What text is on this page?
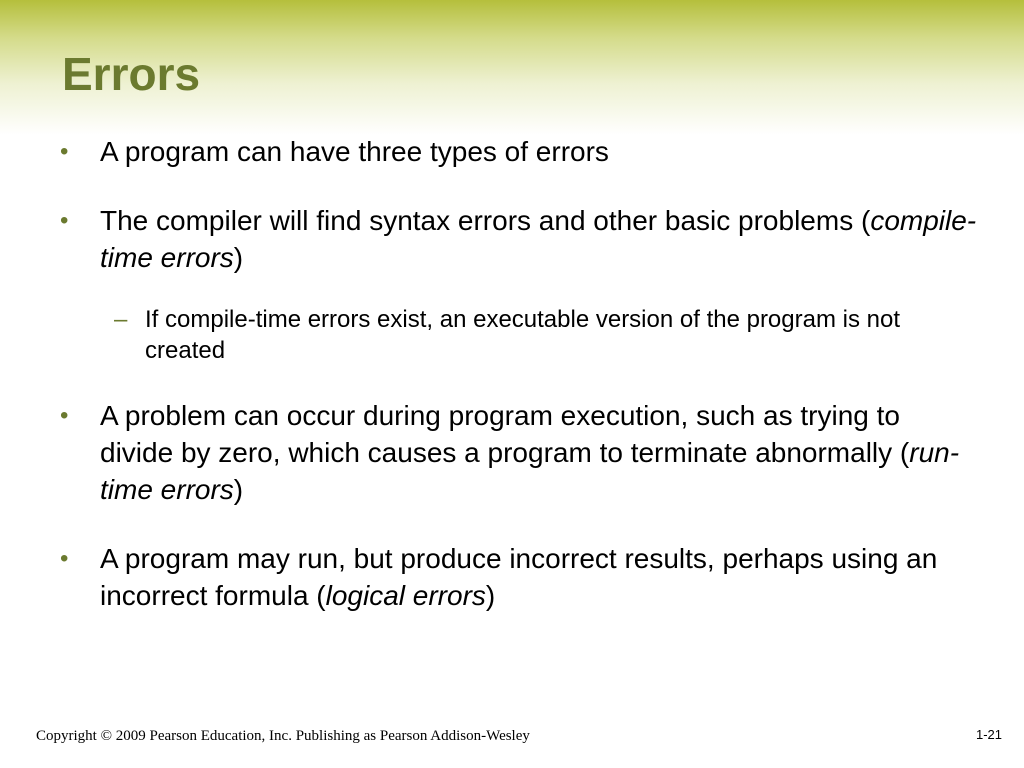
Errors
•	A program can have three types of errors
•	The compiler will find syntax errors and other basic problems (compile-time errors)
– If compile-time errors exist, an executable version of the program is not created
•	A problem can occur during program execution, such as trying to divide by zero, which causes a program to terminate abnormally (run-time errors)
•	A program may run, but produce incorrect results, perhaps using an incorrect formula (logical errors)
Copyright © 2009 Pearson Education, Inc. Publishing as Pearson Addison-Wesley	1-21
